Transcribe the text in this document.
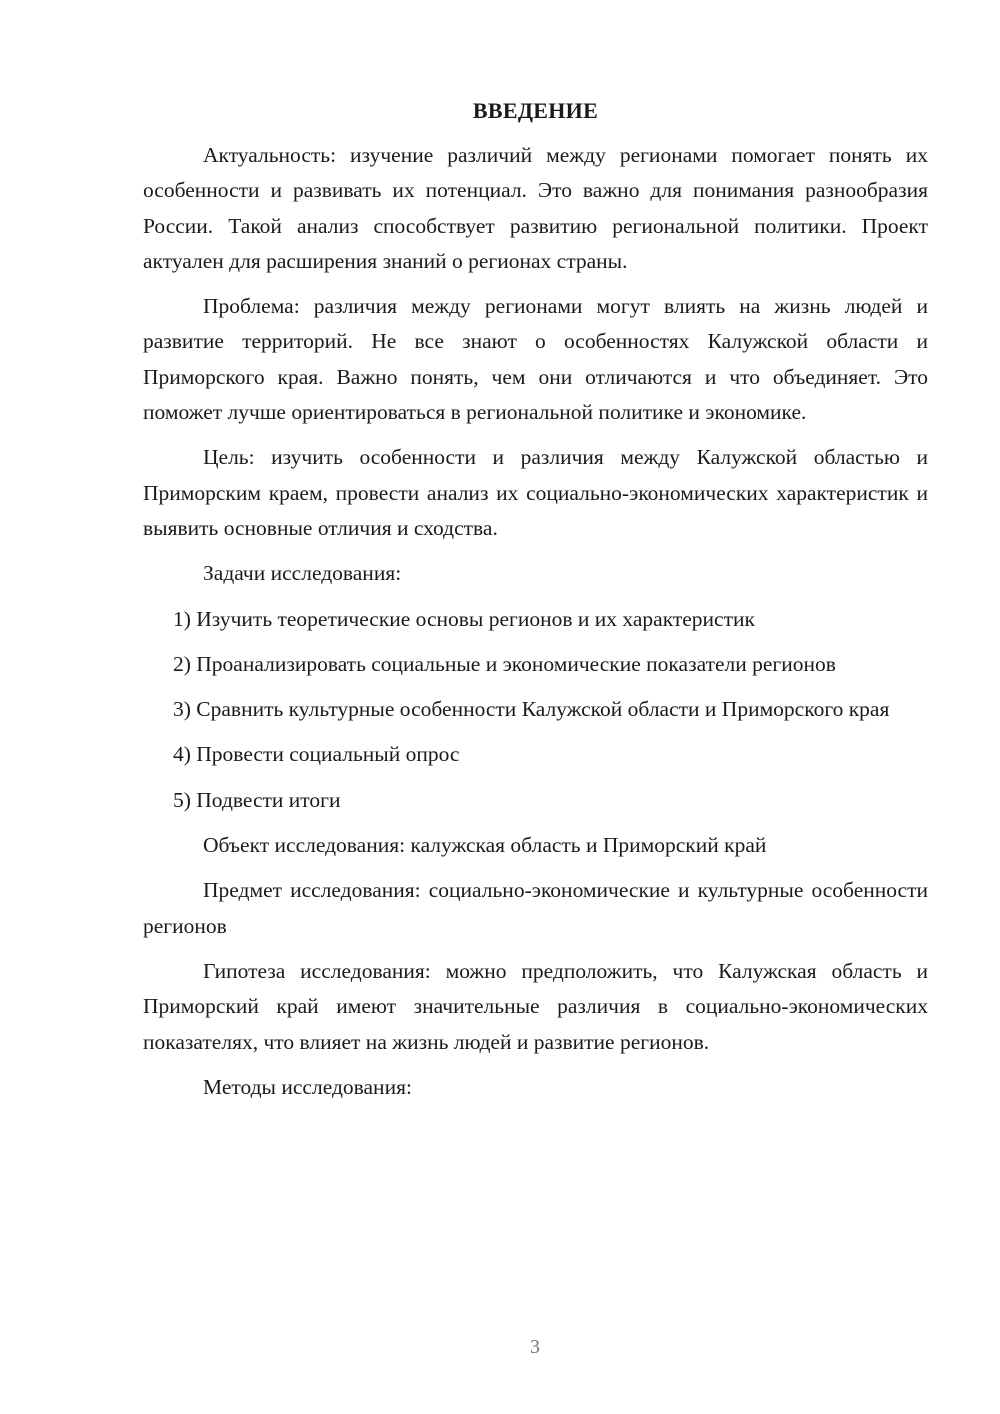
ВВЕДЕНИЕ

Актуальность: изучение различий между регионами помогает понять их особенности и развивать их потенциал. Это важно для понимания разнообразия России. Такой анализ способствует развитию региональной политики. Проект актуален для расширения знаний о регионах страны.

Проблема: различия между регионами могут влиять на жизнь людей и развитие территорий. Не все знают о особенностях Калужской области и Приморского края. Важно понять, чем они отличаются и что объединяет. Это поможет лучше ориентироваться в региональной политике и экономике.

Цель: изучить особенности и различия между Калужской областью и Приморским краем, провести анализ их социально-экономических характеристик и выявить основные отличия и сходства.

Задачи исследования:

1) Изучить теоретические основы регионов и их характеристик

2) Проанализировать социальные и экономические показатели регионов

3) Сравнить культурные особенности Калужской области и Приморского края

4) Провести социальный опрос

5) Подвести итоги

Объект исследования: калужская область и Приморский край

Предмет исследования: социально-экономические и культурные особенности регионов

Гипотеза исследования: можно предположить, что Калужская область и Приморский край имеют значительные различия в социально-экономических показателях, что влияет на жизнь людей и развитие регионов.

Методы исследования:

3
